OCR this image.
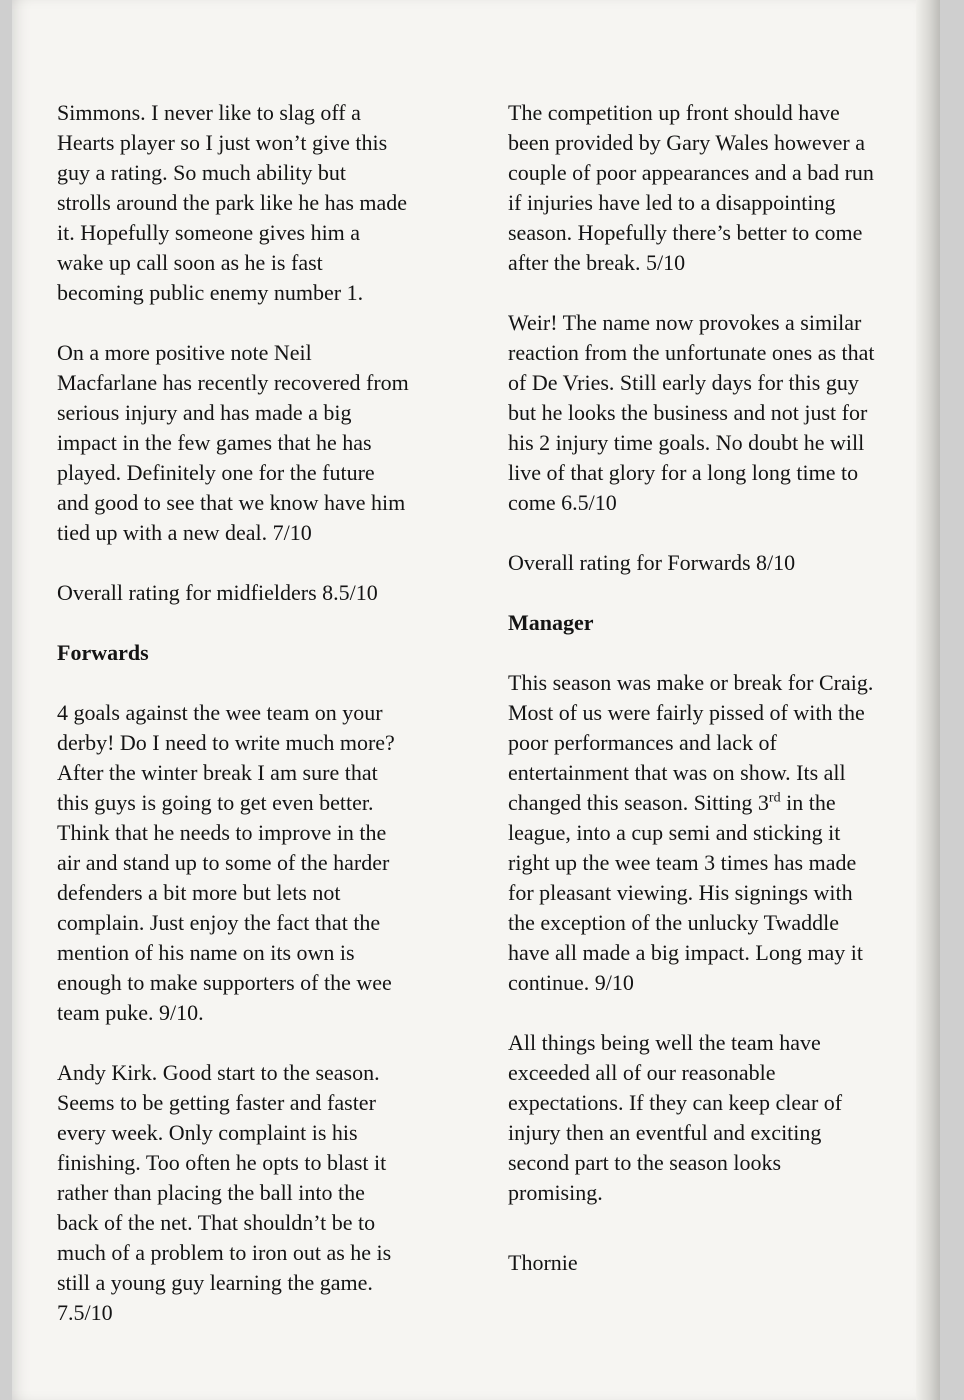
Simmons. I never like to slag off a
Hearts player so I just won’t give this
guy a rating. So much ability but
strolls around the park like he has made
it. Hopefully someone gives him a
wake up call soon as he is fast
becoming public enemy number 1.

On a more positive note Neil
Macfarlane has recently recovered from
serious injury and has made a big
impact in the few games that he has
played. Definitely one for the future
and good to see that we know have him
tied up with a new deal. 7/10

Overall rating for midfielders 8.5/10

Forwards

4 goals against the wee team on your
derby! Do I need to write much more?
After the winter break I am sure that
this guys is going to get even better.
Think that he needs to improve in the
air and stand up to some of the harder
defenders a bit more but lets not
complain. Just enjoy the fact that the
mention of his name on its own is
enough to make supporters of the wee
team puke. 9/10.

Andy Kirk. Good start to the season.
Seems to be getting faster and faster
every week. Only complaint is his
finishing. Too often he opts to blast it
rather than placing the ball into the
back of the net. That shouldn’t be to
much of a problem to iron out as he is
still a young guy learning the game.
7.5/10

The competition up front should have
been provided by Gary Wales however a
couple of poor appearances and a bad run
if injuries have led to a disappointing
season. Hopefully there’s better to come
after the break. 5/10

Weir! The name now provokes a similar
reaction from the unfortunate ones as that
of De Vries. Still early days for this guy
but he looks the business and not just for
his 2 injury time goals. No doubt he will
live of that glory for a long long time to
come 6.5/10

Overall rating for Forwards 8/10

Manager

This season was make or break for Craig.
Most of us were fairly pissed of with the
poor performances and lack of
entertainment that was on show. Its all
changed this season. Sitting 3rd in the
league, into a cup semi and sticking it
right up the wee team 3 times has made
for pleasant viewing. His signings with
the exception of the unlucky Twaddle
have all made a big impact. Long may it
continue. 9/10

All things being well the team have
exceeded all of our reasonable
expectations. If they can keep clear of
injury then an eventful and exciting
second part to the season looks
promising.

Thornie
